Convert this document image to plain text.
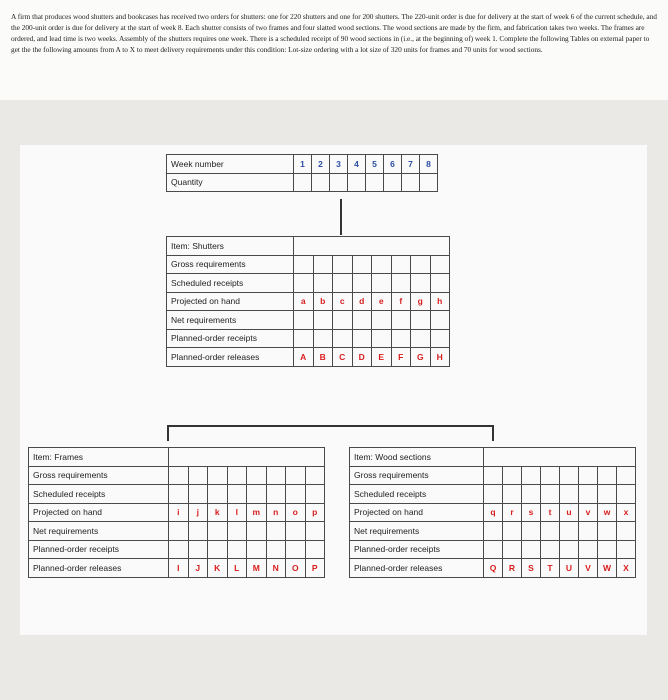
A firm that produces wood shutters and bookcases has received two orders for shutters: one for 220 shutters and one for 200 shutters. The 220-unit order is due for delivery at the start of week 6 of the current schedule, and the 200-unit order is due for delivery at the start of week 8. Each shutter consists of two frames and four slatted wood sections. The wood sections are made by the firm, and fabrication takes two weeks. The frames are ordered, and lead time is two weeks. Assembly of the shutters requires one week. There is a scheduled receipt of 90 wood sections in (i.e., at the beginning of) week 1. Complete the following Tables on external paper to get the the following amounts from A to X to meet delivery requirements under this condition: Lot-size ordering with a lot size of 320 units for frames and 70 units for wood sections.

Week number	1	2	3	4	5	6	7	8
Quantity								
Item: Shutters								
Gross requirements								
Scheduled receipts								
Projected on hand	a	b	c	d	e	f	g	h
Net requirements								
Planned-order receipts								
Planned-order releases	A	B	C	D	E	F	G	H
Item: Frames								
Gross requirements								
Scheduled receipts								
Projected on hand	i	j	k	l	m	n	o	p
Net requirements								
Planned-order receipts								
Planned-order releases	I	J	K	L	M	N	O	P
Item: Wood sections								
Gross requirements								
Scheduled receipts								
Projected on hand	q	r	s	t	u	v	w	x
Net requirements								
Planned-order receipts								
Planned-order releases	Q	R	S	T	U	V	W	X
